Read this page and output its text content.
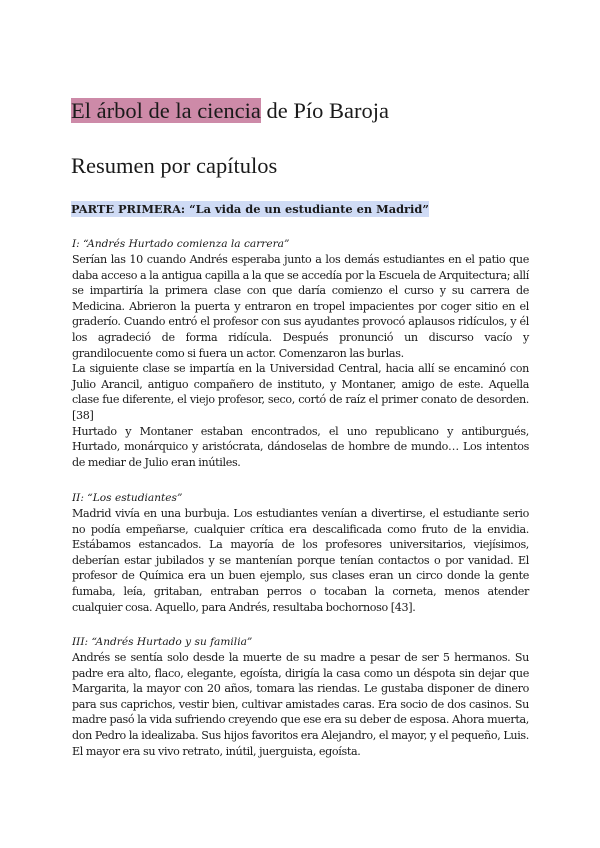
El árbol de la ciencia de Pío Baroja
Resumen por capítulos
PARTE PRIMERA: “La vida de un estudiante en Madrid”
I: “Andrés Hurtado comienza la carrera”

Serían las 10 cuando Andrés esperaba junto a los demás estudiantes en el patio que daba acceso a la antigua capilla a la que se accedía por la Escuela de Arquitectura; allí se impartiría la primera clase con que daría comienzo el curso y su carrera de Medicina. Abrieron la puerta y entraron en tropel impacientes por coger sitio en el graderío. Cuando entró el profesor con sus ayudantes provocó aplausos ridículos, y él los agradeció de forma ridícula. Después pronunció un discurso vacío y grandilocuente como si fuera un actor. Comenzaron las burlas.

La siguiente clase se impartía en la Universidad Central, hacia allí se encaminó con Julio Arancil, antiguo compañero de instituto, y Montaner, amigo de este. Aquella clase fue diferente, el viejo profesor, seco, cortó de raíz el primer conato de desorden.[38]

Hurtado y Montaner estaban encontrados, el uno republicano y antiburgués, Hurtado, monárquico y aristócrata, dándoselas de hombre de mundo… Los intentos de mediar de Julio eran inútiles.

II: “Los estudiantes”

Madrid vivía en una burbuja. Los estudiantes venían a divertirse, el estudiante serio no podía empeñarse, cualquier crítica era descalificada como fruto de la envidia. Estábamos estancados. La mayoría de los profesores universitarios, viejísimos, deberían estar jubilados y se mantenían porque tenían contactos o por vanidad. El profesor de Química era un buen ejemplo, sus clases eran un circo donde la gente fumaba, leía, gritaban, entraban perros o tocaban la corneta, menos atender cualquier cosa. Aquello, para Andrés, resultaba bochornoso [43].

III: “Andrés Hurtado y su familia”

Andrés se sentía solo desde la muerte de su madre a pesar de ser 5 hermanos. Su padre era alto, flaco, elegante, egoísta, dirigía la casa como un déspota sin dejar que Margarita, la mayor con 20 años, tomara las riendas. Le gustaba disponer de dinero para sus caprichos, vestir bien, cultivar amistades caras. Era socio de dos casinos. Su madre pasó la vida sufriendo creyendo que ese era su deber de esposa. Ahora muerta, don Pedro la idealizaba. Sus hijos favoritos era Alejandro, el mayor, y el pequeño, Luis. El mayor era su vivo retrato, inútil, juerguista, egoísta.
